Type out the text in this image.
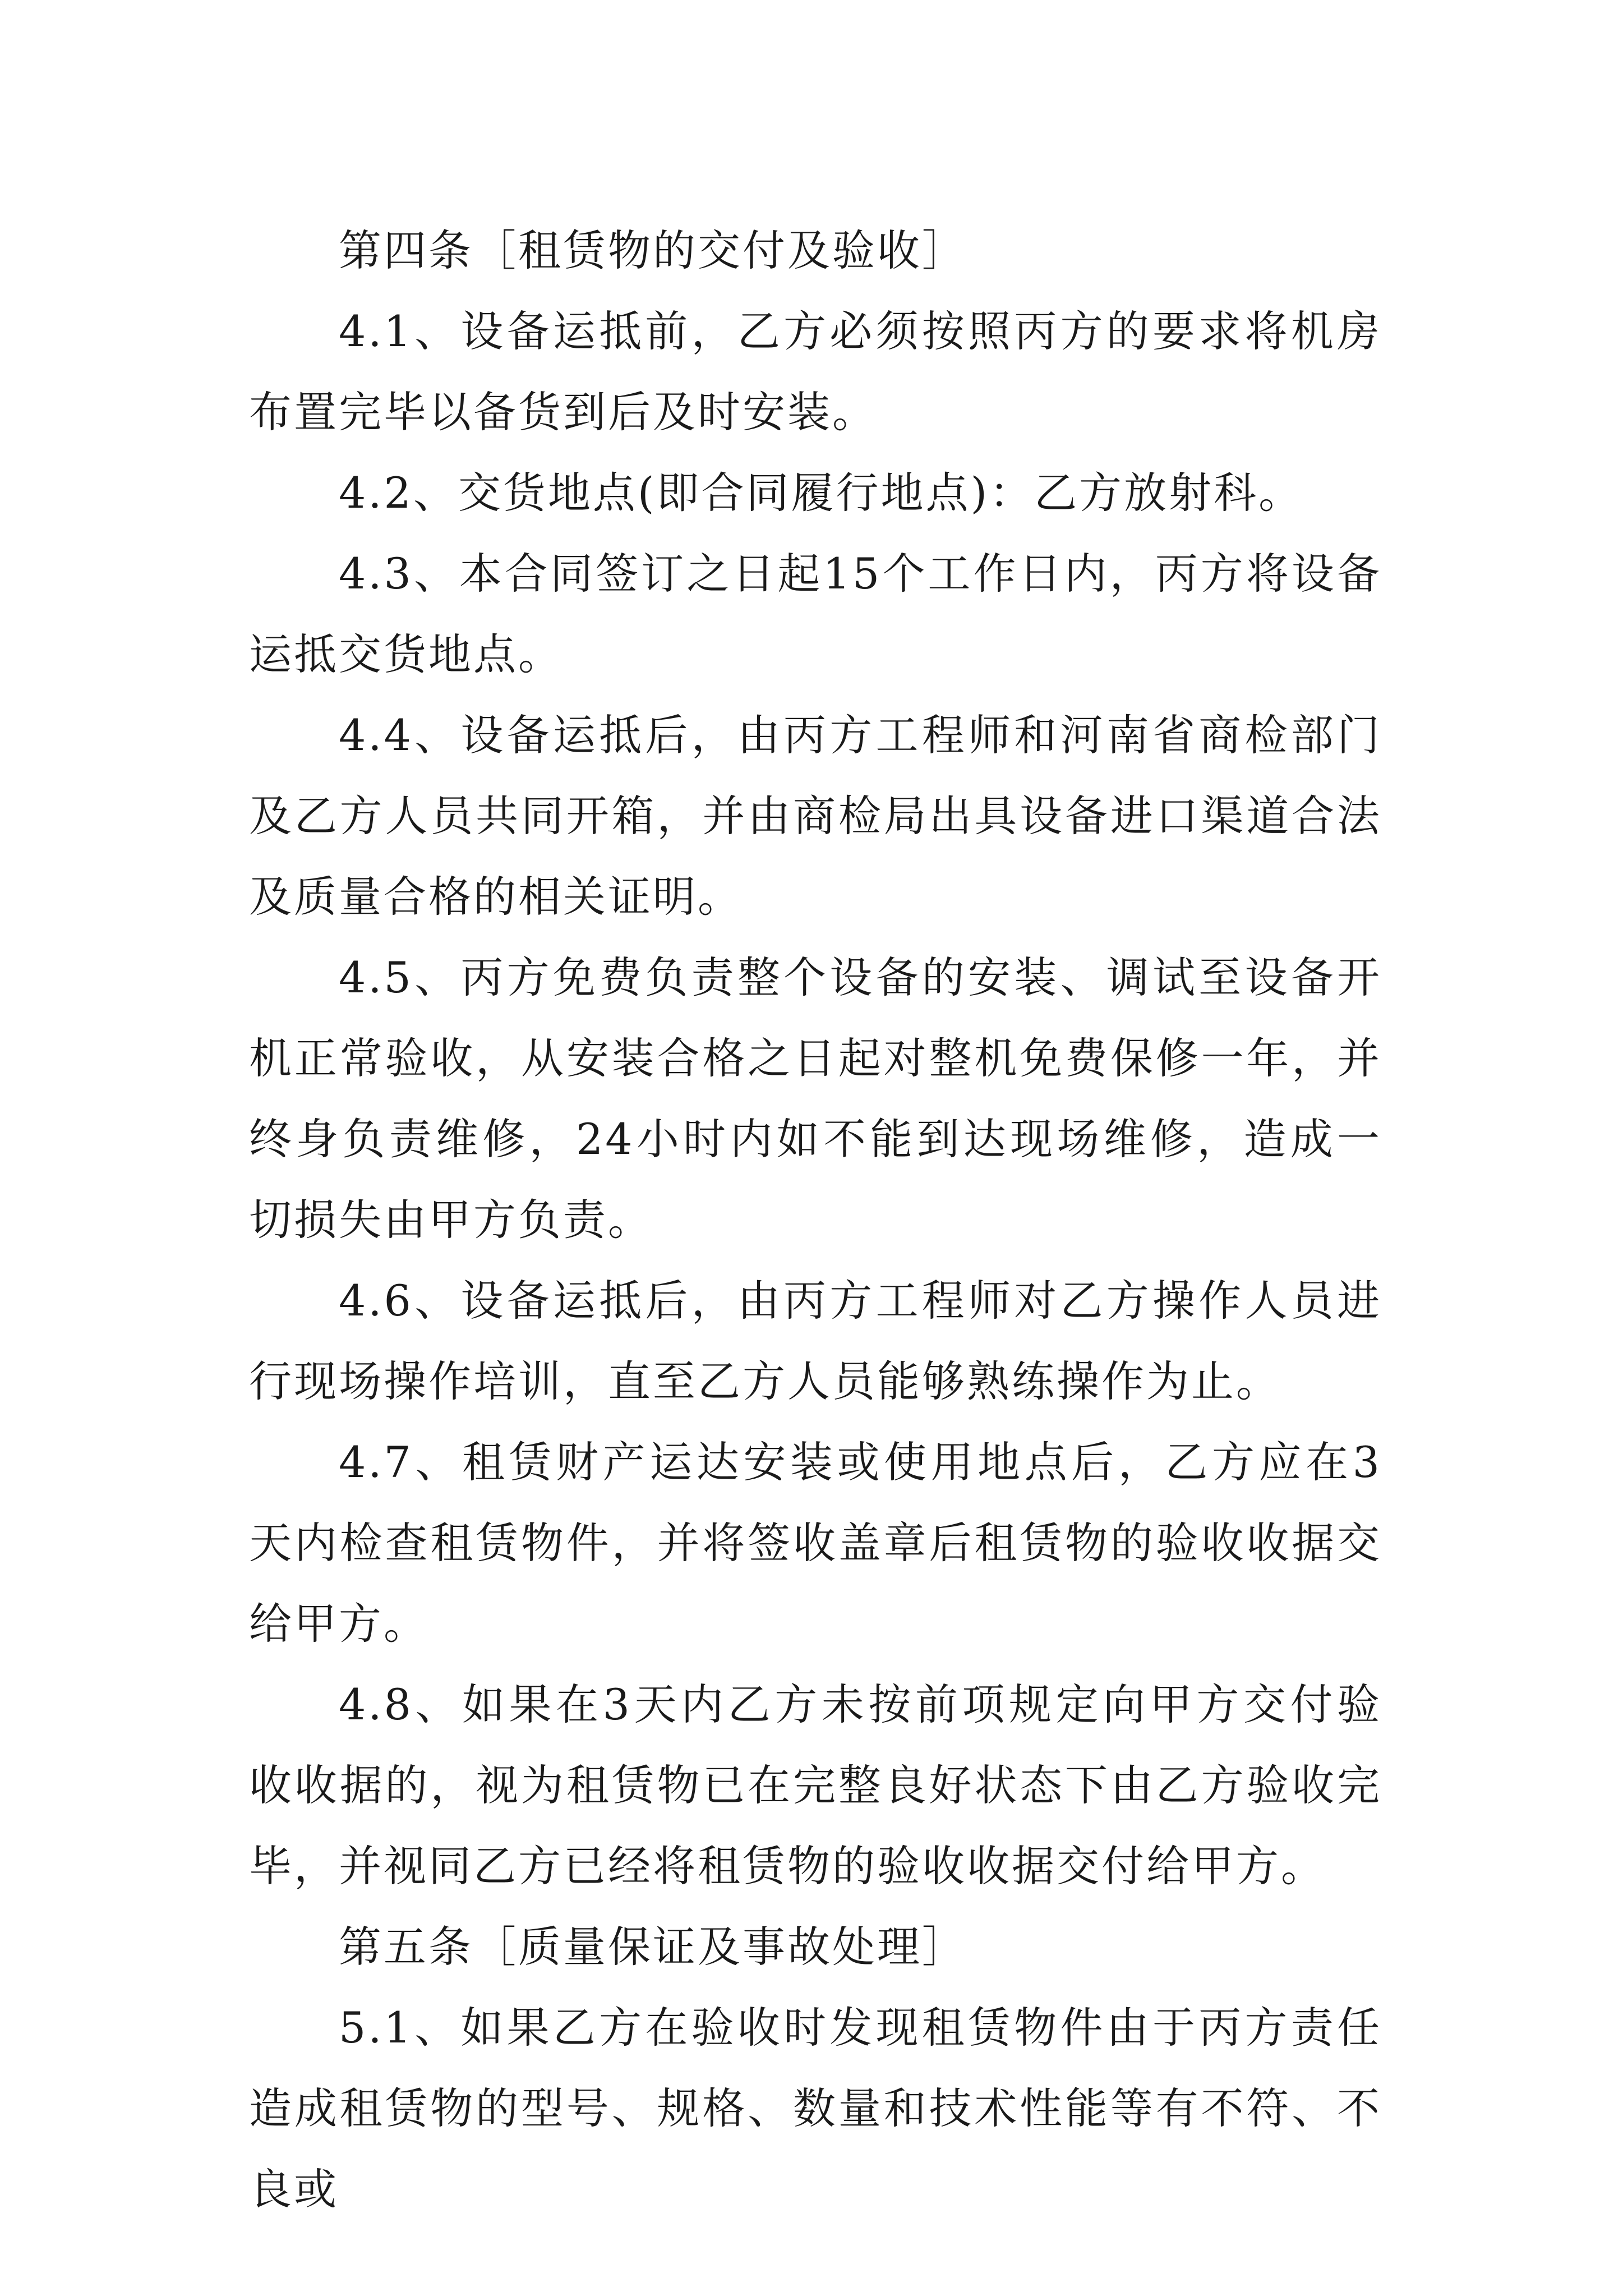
第四条［租赁物的交付及验收］

4.1、设备运抵前，乙方必须按照丙方的要求将机房布置完毕以备货到后及时安装。

4.2、交货地点(即合同履行地点)：乙方放射科。

4.3、本合同签订之日起15个工作日内，丙方将设备运抵交货地点。

4.4、设备运抵后，由丙方工程师和河南省商检部门及乙方人员共同开箱，并由商检局出具设备进口渠道合法及质量合格的相关证明。

4.5、丙方免费负责整个设备的安装、调试至设备开机正常验收，从安装合格之日起对整机免费保修一年，并终身负责维修，24小时内如不能到达现场维修，造成一切损失由甲方负责。

4.6、设备运抵后，由丙方工程师对乙方操作人员进行现场操作培训，直至乙方人员能够熟练操作为止。

4.7、租赁财产运达安装或使用地点后，乙方应在3天内检查租赁物件，并将签收盖章后租赁物的验收收据交给甲方。

4.8、如果在3天内乙方未按前项规定向甲方交付验收收据的，视为租赁物已在完整良好状态下由乙方验收完毕，并视同乙方已经将租赁物的验收收据交付给甲方。

第五条［质量保证及事故处理］

5.1、如果乙方在验收时发现租赁物件由于丙方责任造成租赁物的型号、规格、数量和技术性能等有不符、不良或
